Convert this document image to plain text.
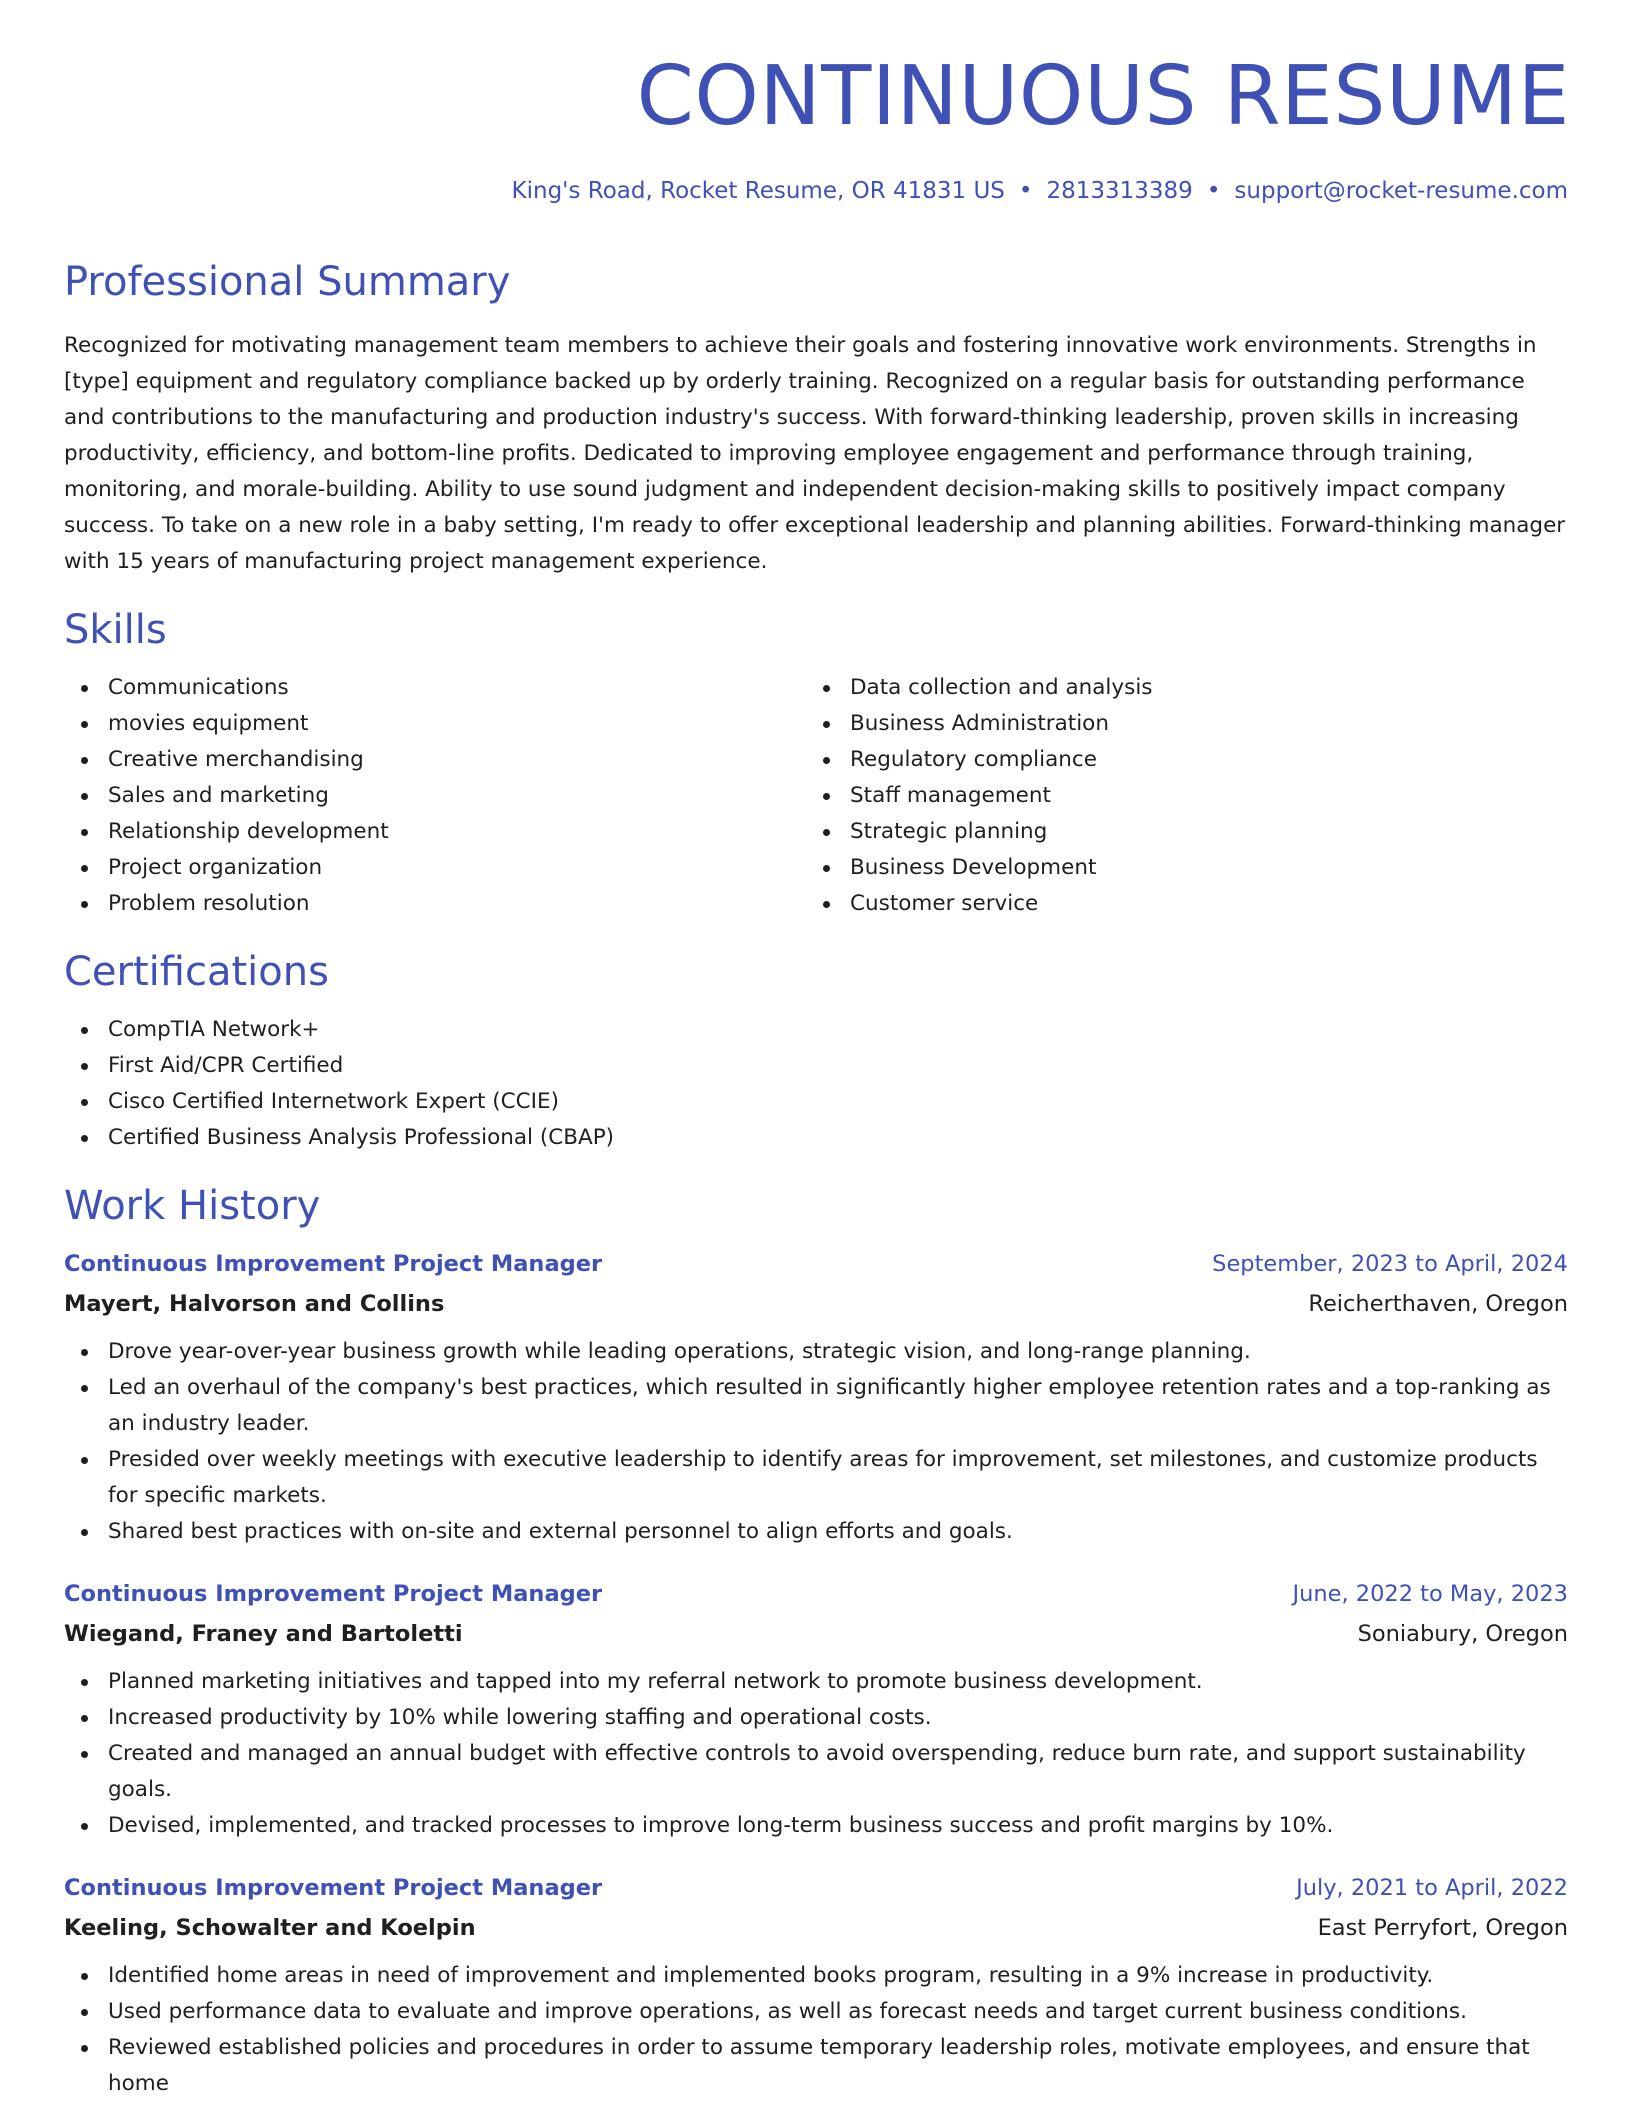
CONTINUOUS RESUME
King's Road, Rocket Resume, OR 41831 US • 2813313389 • support@rocket-resume.com
Professional Summary

Recognized for motivating management team members to achieve their goals and fostering innovative work environments. Strengths in [type] equipment and regulatory compliance backed up by orderly training. Recognized on a regular basis for outstanding performance and contributions to the manufacturing and production industry's success. With forward-thinking leadership, proven skills in increasing productivity, efficiency, and bottom-line profits. Dedicated to improving employee engagement and performance through training, monitoring, and morale-building. Ability to use sound judgment and independent decision-making skills to positively impact company success. To take on a new role in a baby setting, I'm ready to offer exceptional leadership and planning abilities. Forward-thinking manager with 15 years of manufacturing project management experience.

Skills
Communications
movies equipment
Creative merchandising
Sales and marketing
Relationship development
Project organization
Problem resolution
Data collection and analysis
Business Administration
Regulatory compliance
Staff management
Strategic planning
Business Development
Customer service
Certifications
CompTIA Network+
First Aid/CPR Certified
Cisco Certified Internetwork Expert (CCIE)
Certified Business Analysis Professional (CBAP)
Work History
Continuous Improvement Project Manager	September, 2023 to April, 2024
Mayert, Halvorson and Collins	Reicherthaven, Oregon
Drove year-over-year business growth while leading operations, strategic vision, and long-range planning.
Led an overhaul of the company's best practices, which resulted in significantly higher employee retention rates and a top-ranking as an industry leader.
Presided over weekly meetings with executive leadership to identify areas for improvement, set milestones, and customize products for specific markets.
Shared best practices with on-site and external personnel to align efforts and goals.
Continuous Improvement Project Manager	June, 2022 to May, 2023
Wiegand, Franey and Bartoletti	Soniabury, Oregon
Planned marketing initiatives and tapped into my referral network to promote business development.
Increased productivity by 10% while lowering staffing and operational costs.
Created and managed an annual budget with effective controls to avoid overspending, reduce burn rate, and support sustainability goals.
Devised, implemented, and tracked processes to improve long-term business success and profit margins by 10%.
Continuous Improvement Project Manager	July, 2021 to April, 2022
Keeling, Schowalter and Koelpin	East Perryfort, Oregon
Identified home areas in need of improvement and implemented books program, resulting in a 9% increase in productivity.
Used performance data to evaluate and improve operations, as well as forecast needs and target current business conditions.
Reviewed established policies and procedures in order to assume temporary leadership roles, motivate employees, and ensure that home
